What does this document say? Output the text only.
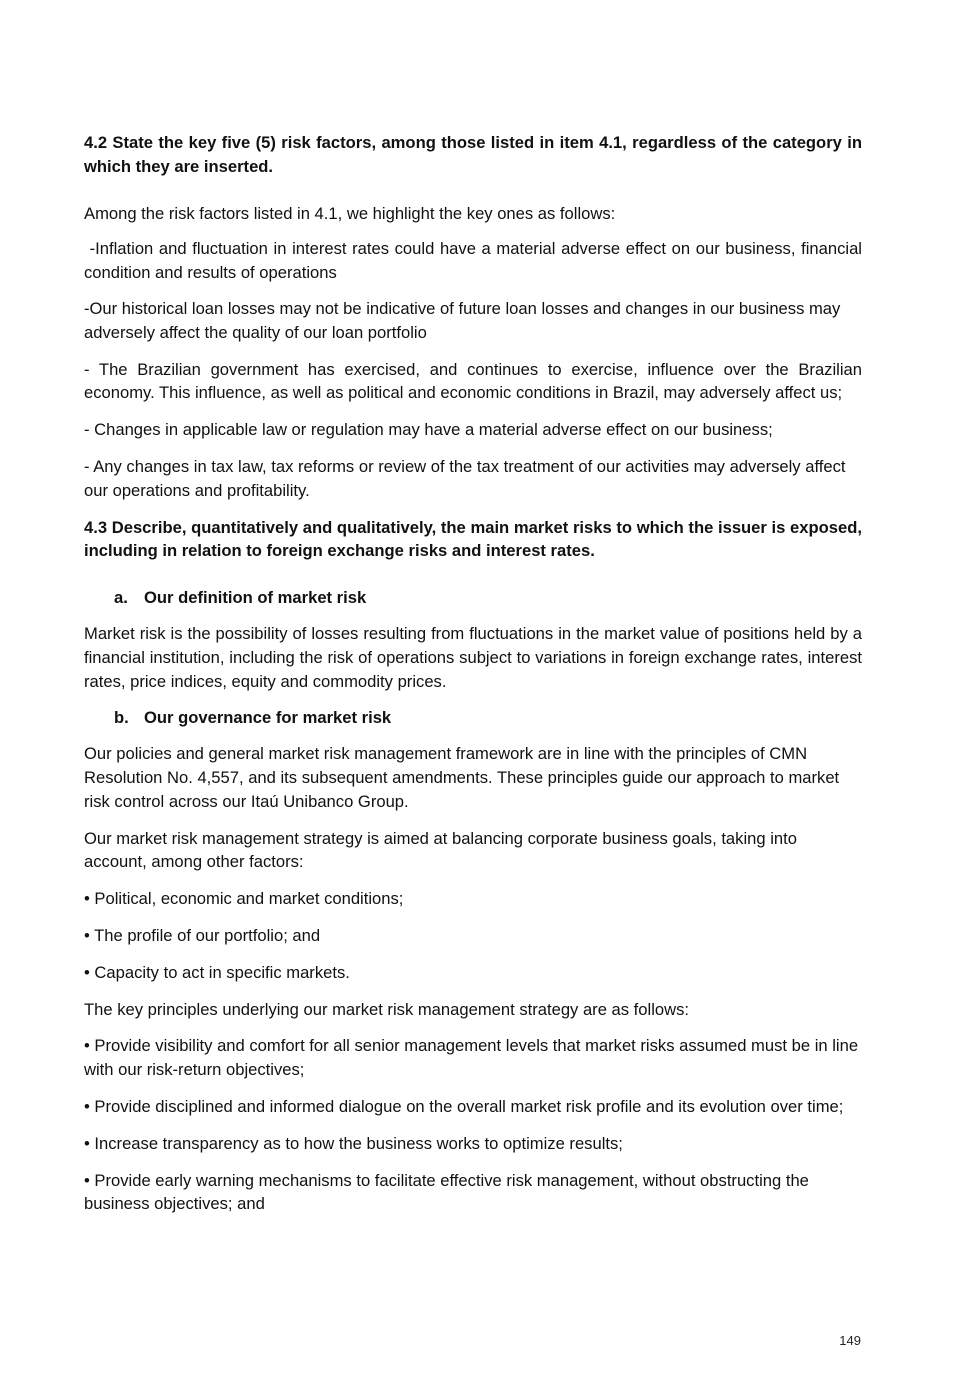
4.2 State the key five (5) risk factors, among those listed in item 4.1, regardless of the category in which they are inserted.

Among the risk factors listed in 4.1, we highlight the key ones as follows:

-Inflation and fluctuation in interest rates could have a material adverse effect on our business, financial condition and results of operations

-Our historical loan losses may not be indicative of future loan losses and changes in our business may adversely affect the quality of our loan portfolio

- The Brazilian government has exercised, and continues to exercise, influence over the Brazilian economy. This influence, as well as political and economic conditions in Brazil, may adversely affect us;

- Changes in applicable law or regulation may have a material adverse effect on our business;

- Any changes in tax law, tax reforms or review of the tax treatment of our activities may adversely affect our operations and profitability.

4.3 Describe, quantitatively and qualitatively, the main market risks to which the issuer is exposed, including in relation to foreign exchange risks and interest rates.

a. Our definition of market risk

Market risk is the possibility of losses resulting from fluctuations in the market value of positions held by a financial institution, including the risk of operations subject to variations in foreign exchange rates, interest rates, price indices, equity and commodity prices.

b. Our governance for market risk

Our policies and general market risk management framework are in line with the principles of CMN Resolution No. 4,557, and its subsequent amendments. These principles guide our approach to market risk control across our Itaú Unibanco Group.

Our market risk management strategy is aimed at balancing corporate business goals, taking into account, among other factors:

• Political, economic and market conditions;

• The profile of our portfolio; and

• Capacity to act in specific markets.

The key principles underlying our market risk management strategy are as follows:

• Provide visibility and comfort for all senior management levels that market risks assumed must be in line with our risk-return objectives;

• Provide disciplined and informed dialogue on the overall market risk profile and its evolution over time;

• Increase transparency as to how the business works to optimize results;

• Provide early warning mechanisms to facilitate effective risk management, without obstructing the business objectives; and

149
